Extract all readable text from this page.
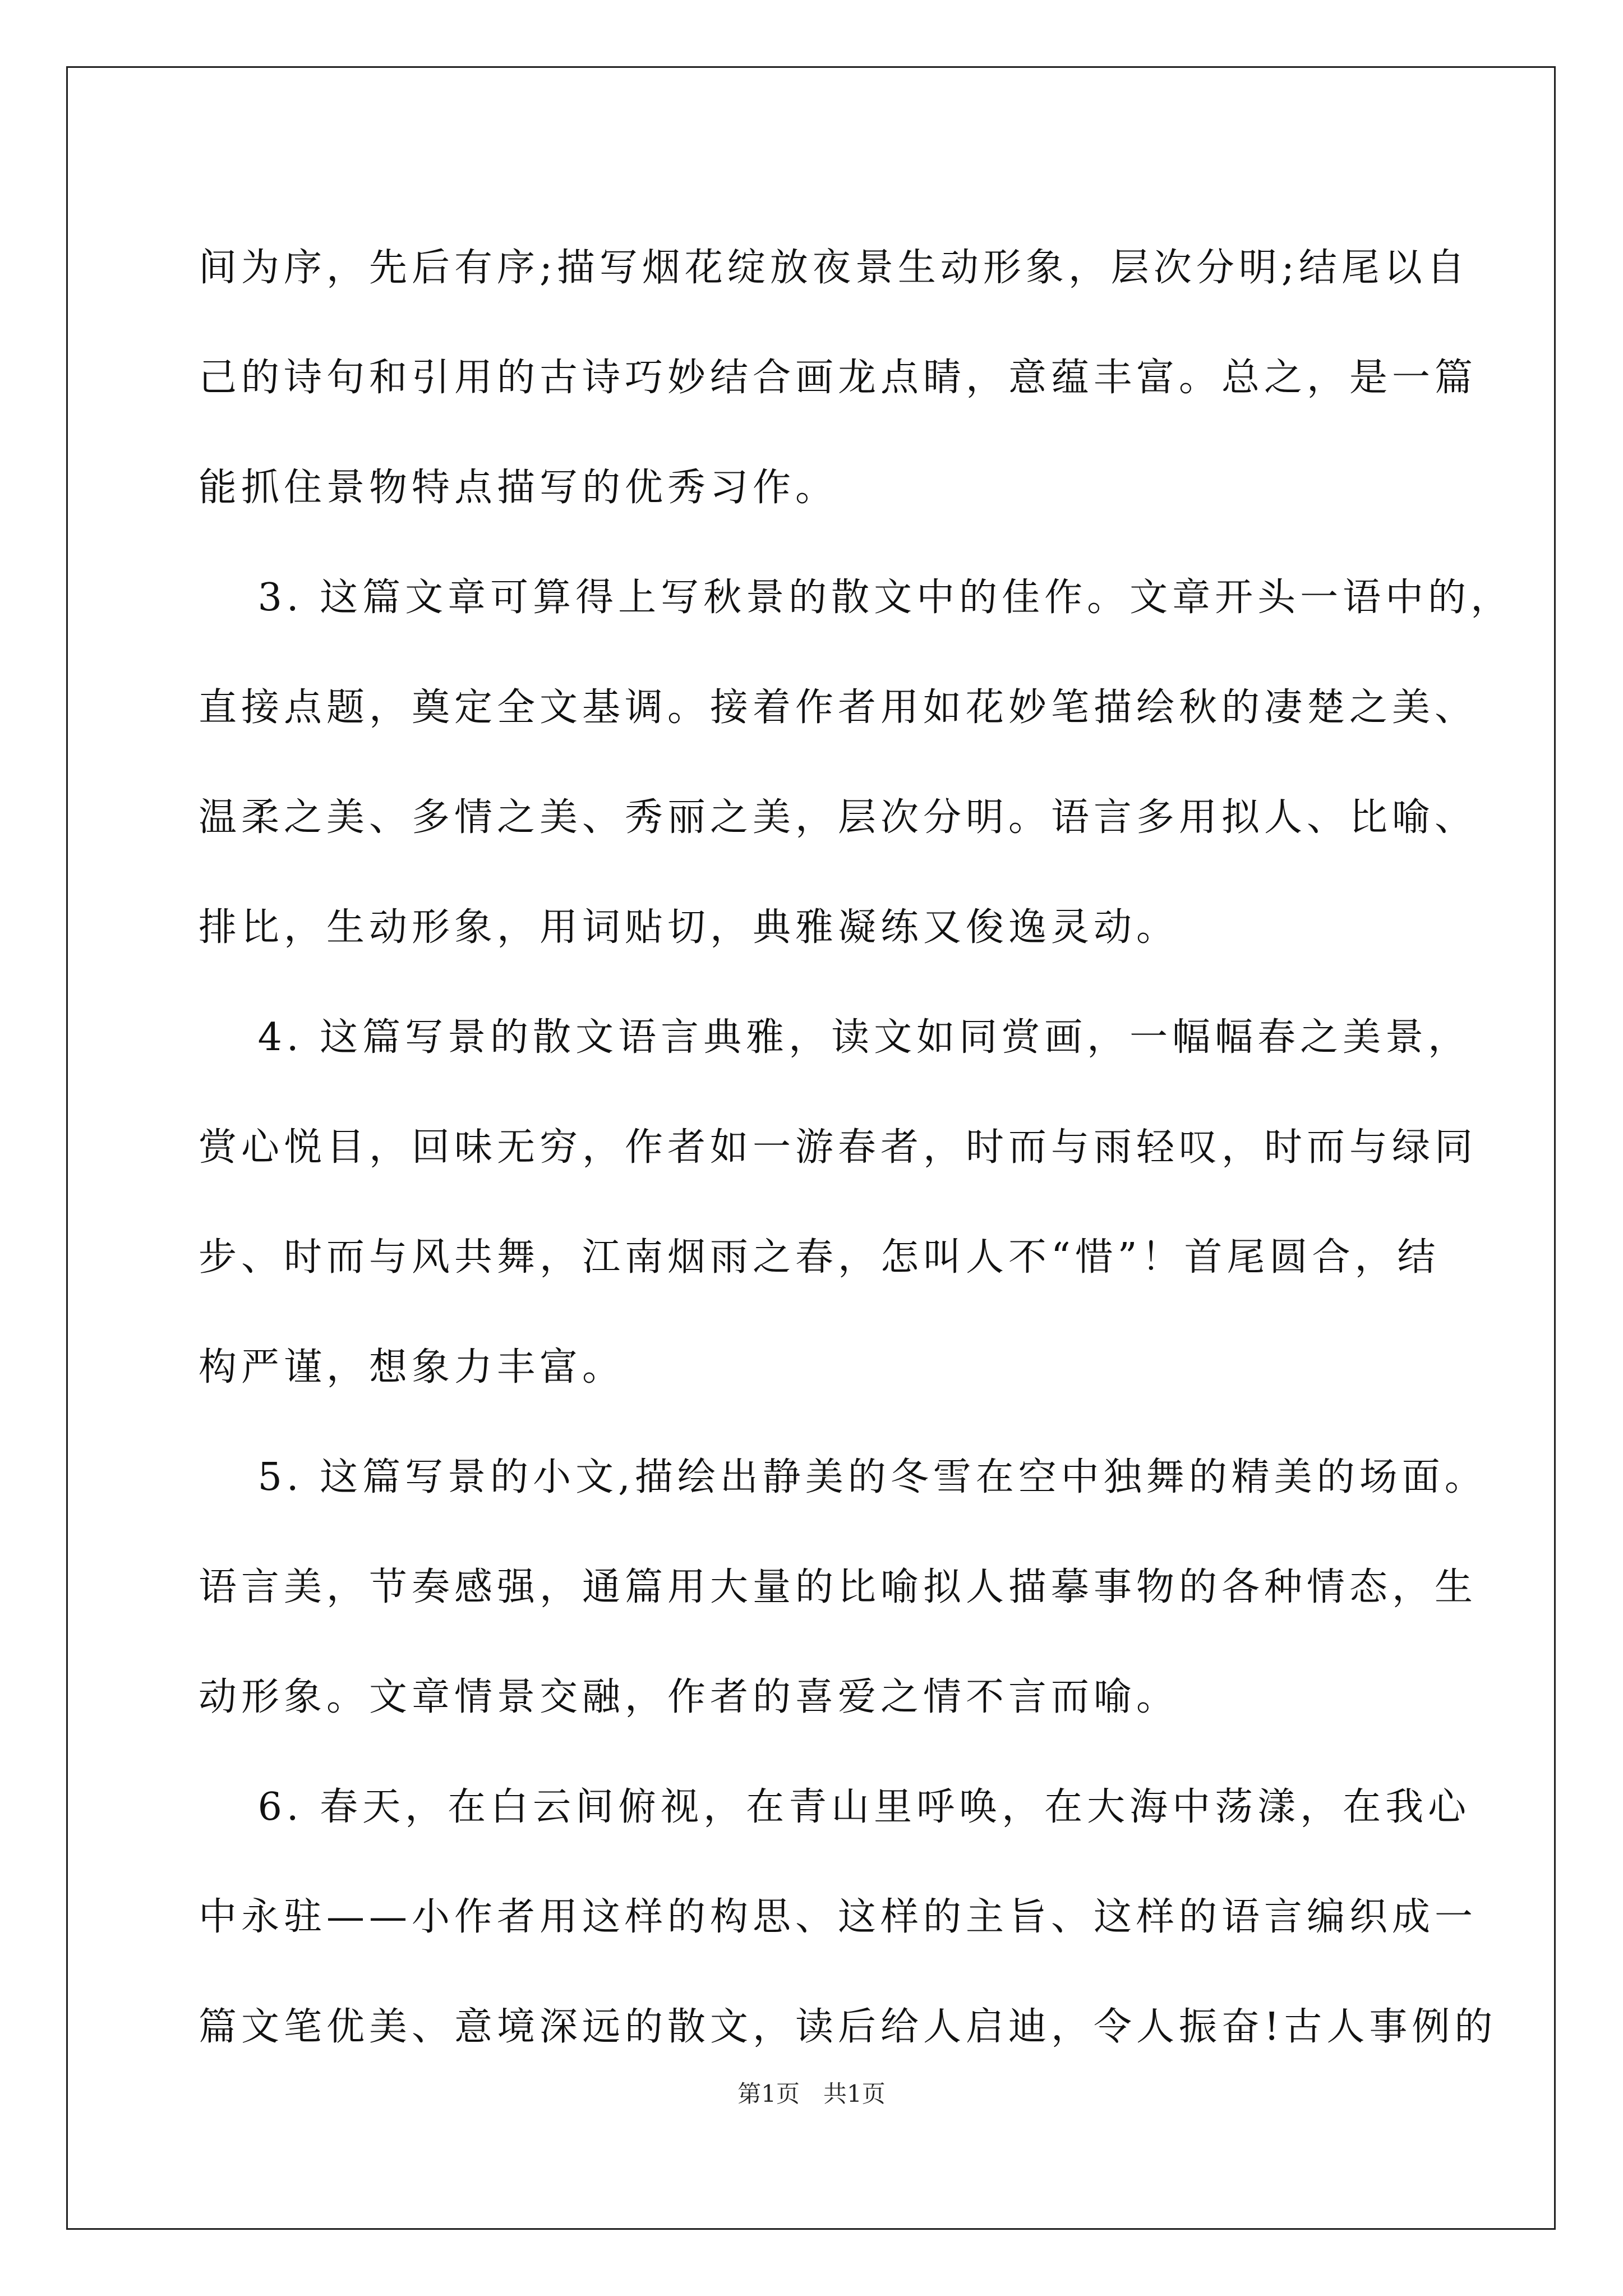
间为序，先后有序;描写烟花绽放夜景生动形象，层次分明;结尾以自
己的诗句和引用的古诗巧妙结合画龙点睛，意蕴丰富。总之，是一篇
能抓住景物特点描写的优秀习作。
　 3. 这篇文章可算得上写秋景的散文中的佳作。文章开头一语中的，
直接点题，奠定全文基调。接着作者用如花妙笔描绘秋的凄楚之美、
温柔之美、多情之美、秀丽之美，层次分明。语言多用拟人、比喻、
排比，生动形象，用词贴切，典雅凝练又俊逸灵动。
　 4. 这篇写景的散文语言典雅，读文如同赏画，一幅幅春之美景，
赏心悦目，回味无穷，作者如一游春者，时而与雨轻叹，时而与绿同
步、时而与风共舞，江南烟雨之春，怎叫人不“惜”！首尾圆合，结
构严谨，想象力丰富。
　 5. 这篇写景的小文,描绘出静美的冬雪在空中独舞的精美的场面。
语言美，节奏感强，通篇用大量的比喻拟人描摹事物的各种情态，生
动形象。文章情景交融，作者的喜爱之情不言而喻。
　 6. 春天，在白云间俯视，在青山里呼唤，在大海中荡漾，在我心
中永驻——小作者用这样的构思、这样的主旨、这样的语言编织成一
篇文笔优美、意境深远的散文，读后给人启迪，令人振奋!古人事例的
第1页　共1页
